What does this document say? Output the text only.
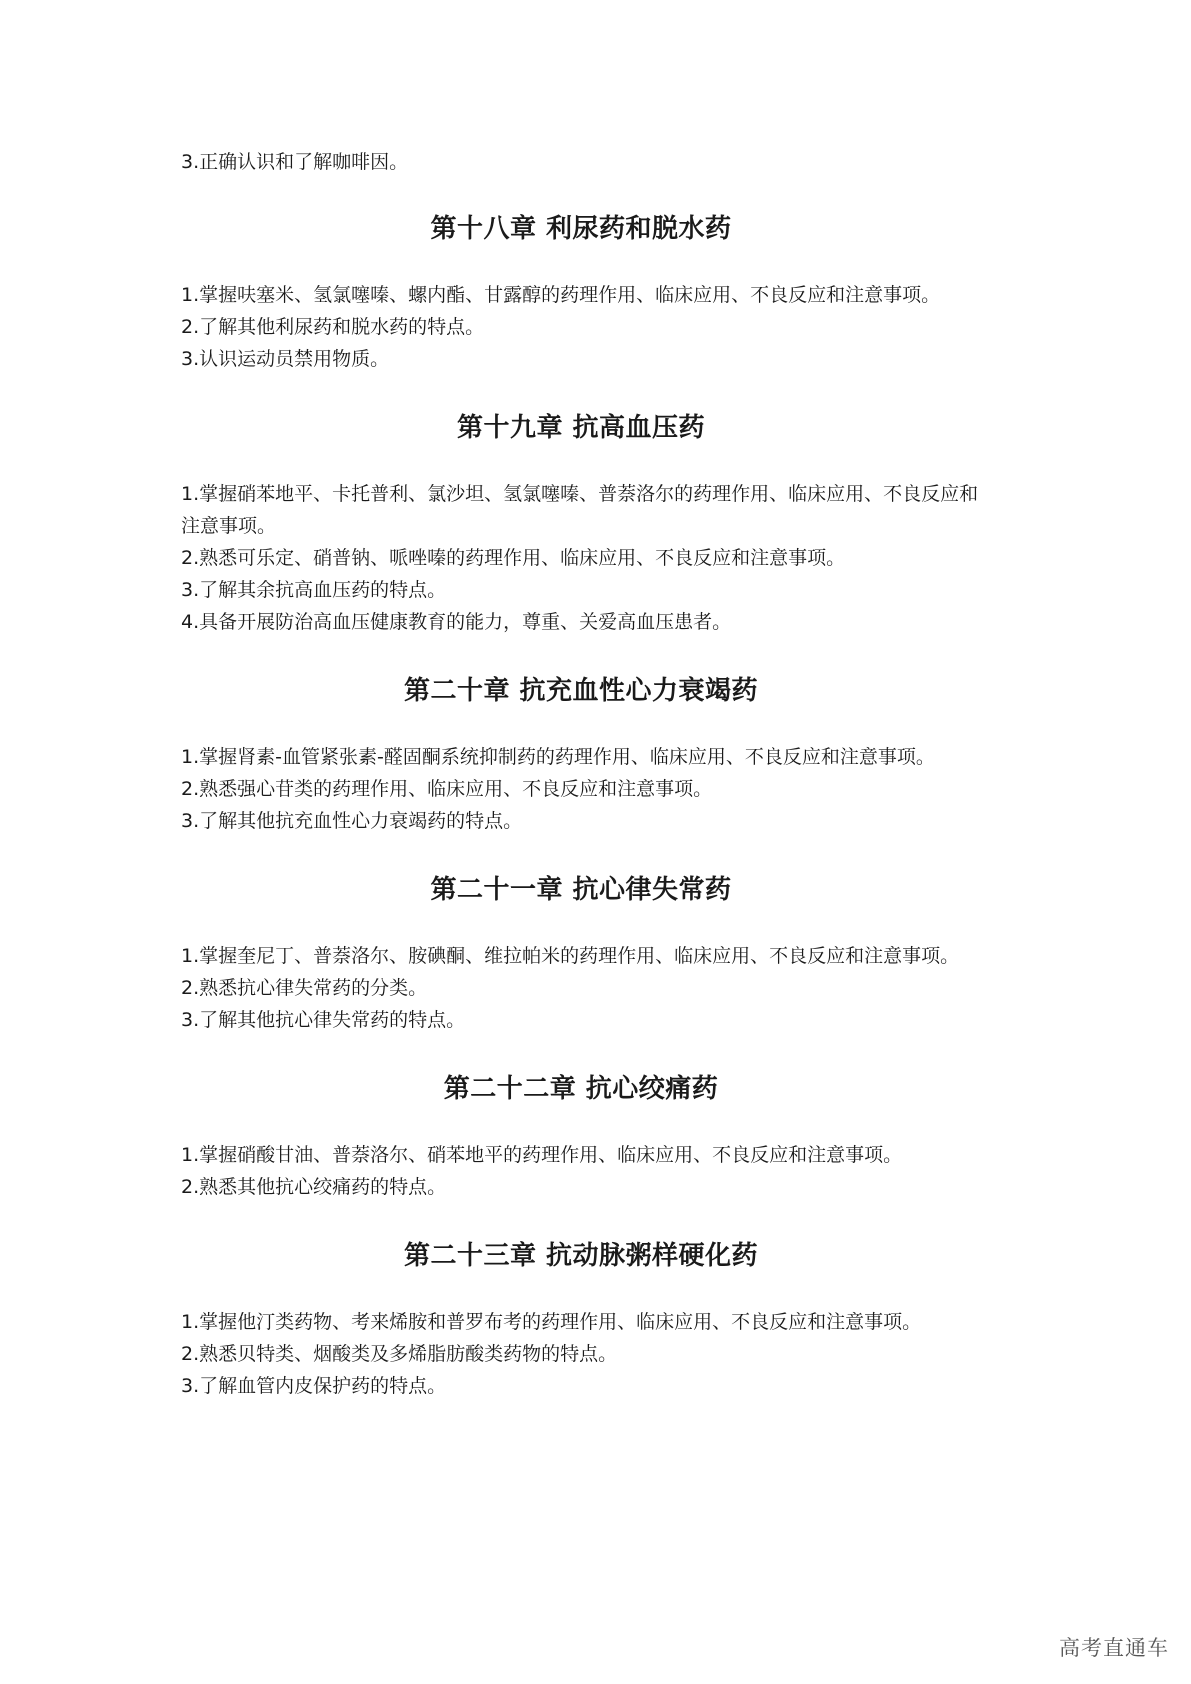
3.正确认识和了解咖啡因。

第十八章 利尿药和脱水药

1.掌握呋塞米、氢氯噻嗪、螺内酯、甘露醇的药理作用、临床应用、不良反应和注意事项。

2.了解其他利尿药和脱水药的特点。

3.认识运动员禁用物质。

第十九章 抗高血压药

1.掌握硝苯地平、卡托普利、氯沙坦、氢氯噻嗪、普萘洛尔的药理作用、临床应用、不良反应和注意事项。

2.熟悉可乐定、硝普钠、哌唑嗪的药理作用、临床应用、不良反应和注意事项。

3.了解其余抗高血压药的特点。

4.具备开展防治高血压健康教育的能力，尊重、关爱高血压患者。

第二十章 抗充血性心力衰竭药

1.掌握肾素-血管紧张素-醛固酮系统抑制药的药理作用、临床应用、不良反应和注意事项。

2.熟悉强心苷类的药理作用、临床应用、不良反应和注意事项。

3.了解其他抗充血性心力衰竭药的特点。

第二十一章 抗心律失常药

1.掌握奎尼丁、普萘洛尔、胺碘酮、维拉帕米的药理作用、临床应用、不良反应和注意事项。

2.熟悉抗心律失常药的分类。

3.了解其他抗心律失常药的特点。

第二十二章 抗心绞痛药

1.掌握硝酸甘油、普萘洛尔、硝苯地平的药理作用、临床应用、不良反应和注意事项。

2.熟悉其他抗心绞痛药的特点。

第二十三章 抗动脉粥样硬化药

1.掌握他汀类药物、考来烯胺和普罗布考的药理作用、临床应用、不良反应和注意事项。

2.熟悉贝特类、烟酸类及多烯脂肪酸类药物的特点。

3.了解血管内皮保护药的特点。

高考直通车
